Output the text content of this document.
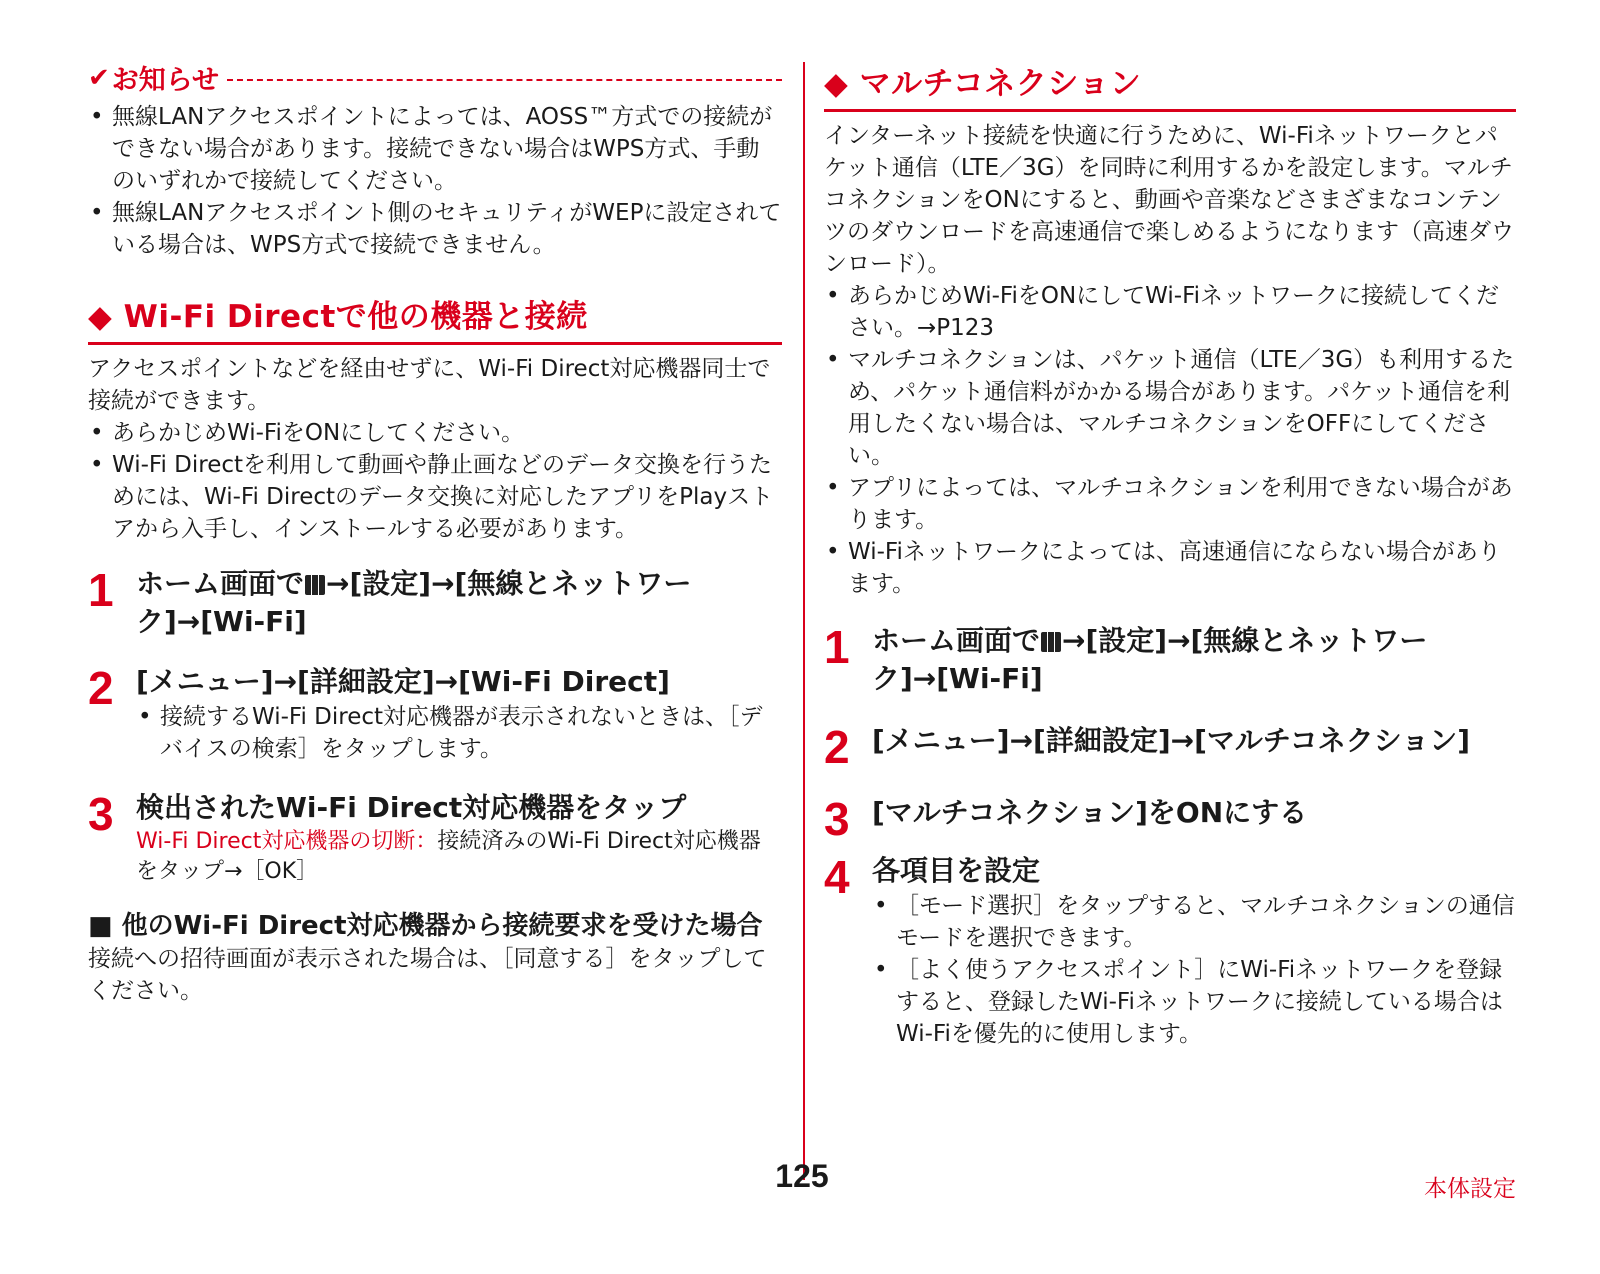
✔ お知らせ
• 無線LANアクセスポイントによっては、AOSS™方式での接続ができない場合があります。接続できない場合はWPS方式、手動のいずれかで接続してください。
• 無線LANアクセスポイント側のセキュリティがWEPに設定されている場合は、WPS方式で接続できません。
◆ Wi-Fi Directで他の機器と接続

アクセスポイントなどを経由せずに、Wi-Fi Direct対応機器同士で接続ができます。

• あらかじめWi-FiをONにしてください。
• Wi-Fi Directを利用して動画や静止画などのデータ交換を行うためには、Wi-Fi Directのデータ交換に対応したアプリをPlayストアから入手し、インストールする必要があります。
1 ホーム画面で →[設定]→[無線とネットワーク]→[Wi-Fi]
2 [メニュー]→[詳細設定]→[Wi-Fi Direct]
• 接続するWi-Fi Direct対応機器が表示されないときは、［デバイスの検索］をタップします。
3 検出されたWi-Fi Direct対応機器をタップ
Wi-Fi Direct対応機器の切断：接続済みのWi-Fi Direct対応機器をタップ→［OK］
■ 他のWi-Fi Direct対応機器から接続要求を受けた場合

接続への招待画面が表示された場合は、［同意する］をタップしてください。

◆ マルチコネクション

インターネット接続を快適に行うために、Wi-Fiネットワークとパケット通信（LTE／3G）を同時に利用するかを設定します。マルチコネクションをONにすると、動画や音楽などさまざまなコンテンツのダウンロードを高速通信で楽しめるようになります（高速ダウンロード）。

• あらかじめWi-FiをONにしてWi-Fiネットワークに接続してください。→P123
• マルチコネクションは、パケット通信（LTE／3G）も利用するため、パケット通信料がかかる場合があります。パケット通信を利用したくない場合は、マルチコネクションをOFFにしてください。
• アプリによっては、マルチコネクションを利用できない場合があります。
• Wi-Fiネットワークによっては、高速通信にならない場合があります。
1 ホーム画面で →[設定]→[無線とネットワーク]→[Wi-Fi]
2 [メニュー]→[詳細設定]→[マルチコネクション]
3 [マルチコネクション]をONにする
4 各項目を設定
• ［モード選択］をタップすると、マルチコネクションの通信モードを選択できます。
• ［よく使うアクセスポイント］にWi-Fiネットワークを登録すると、登録したWi-Fiネットワークに接続している場合はWi-Fiを優先的に使用します。
125	本体設定
